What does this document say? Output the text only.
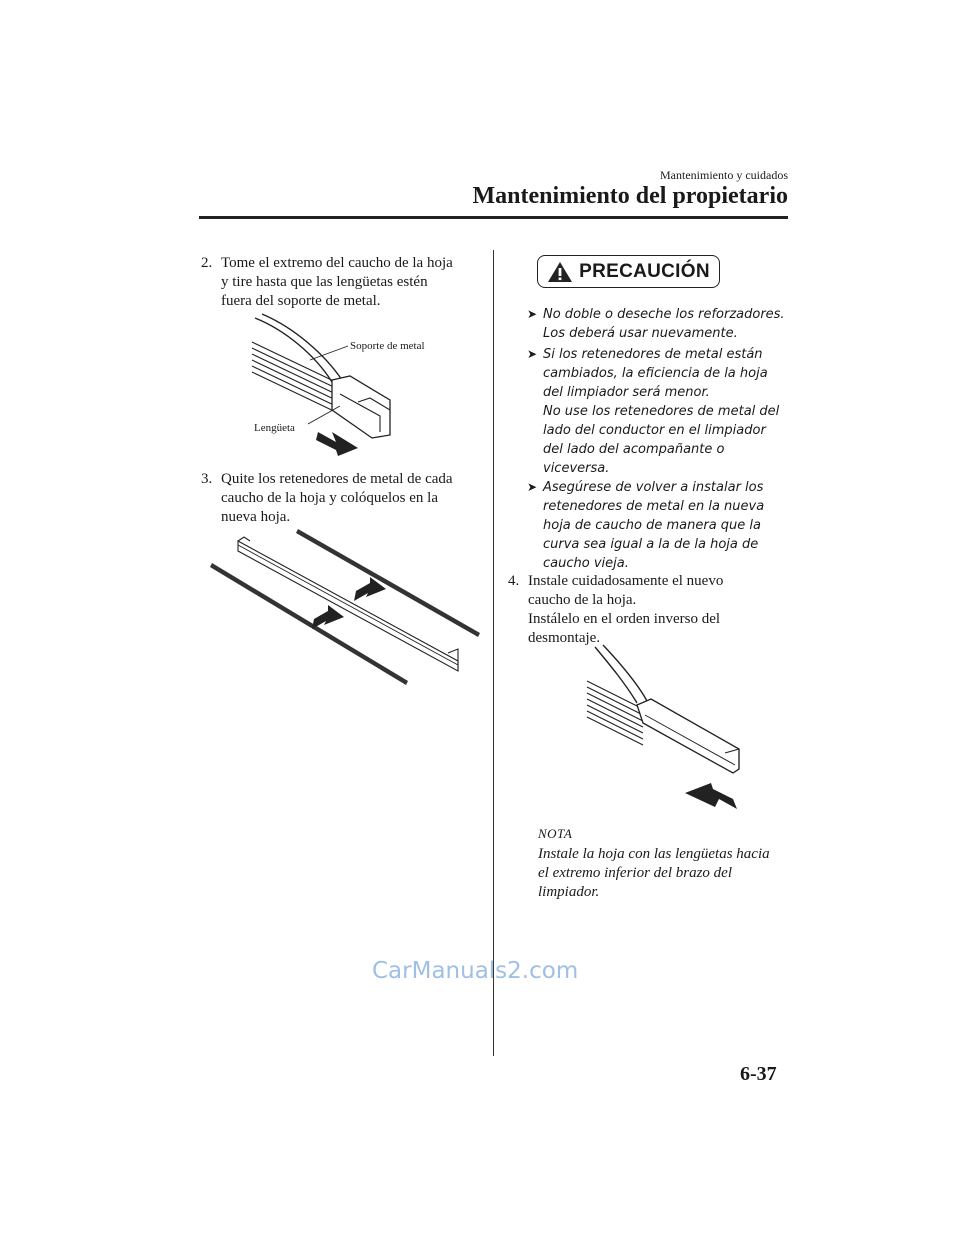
Mantenimiento y cuidados
Mantenimiento del propietario
2. Tome el extremo del caucho de la hoja
y tire hasta que las lengüetas estén
fuera del soporte de metal.
Soporte de metal
Lengüeta
3. Quite los retenedores de metal de cada
caucho de la hoja y colóquelos en la
nueva hoja.
PRECAUCIÓN
➤ No doble o deseche los reforzadores.
Los deberá usar nuevamente.
➤ Si los retenedores de metal están
cambiados, la eficiencia de la hoja
del limpiador será menor.
No use los retenedores de metal del
lado del conductor en el limpiador
del lado del acompañante o
viceversa.
➤ Asegúrese de volver a instalar los
retenedores de metal en la nueva
hoja de caucho de manera que la
curva sea igual a la de la hoja de
caucho vieja.
4. Instale cuidadosamente el nuevo
caucho de la hoja.
Instálelo en el orden inverso del
desmontaje.
NOTA
Instale la hoja con las lengüetas hacia
el extremo inferior del brazo del
limpiador.
CarManuals2.com
6-37
